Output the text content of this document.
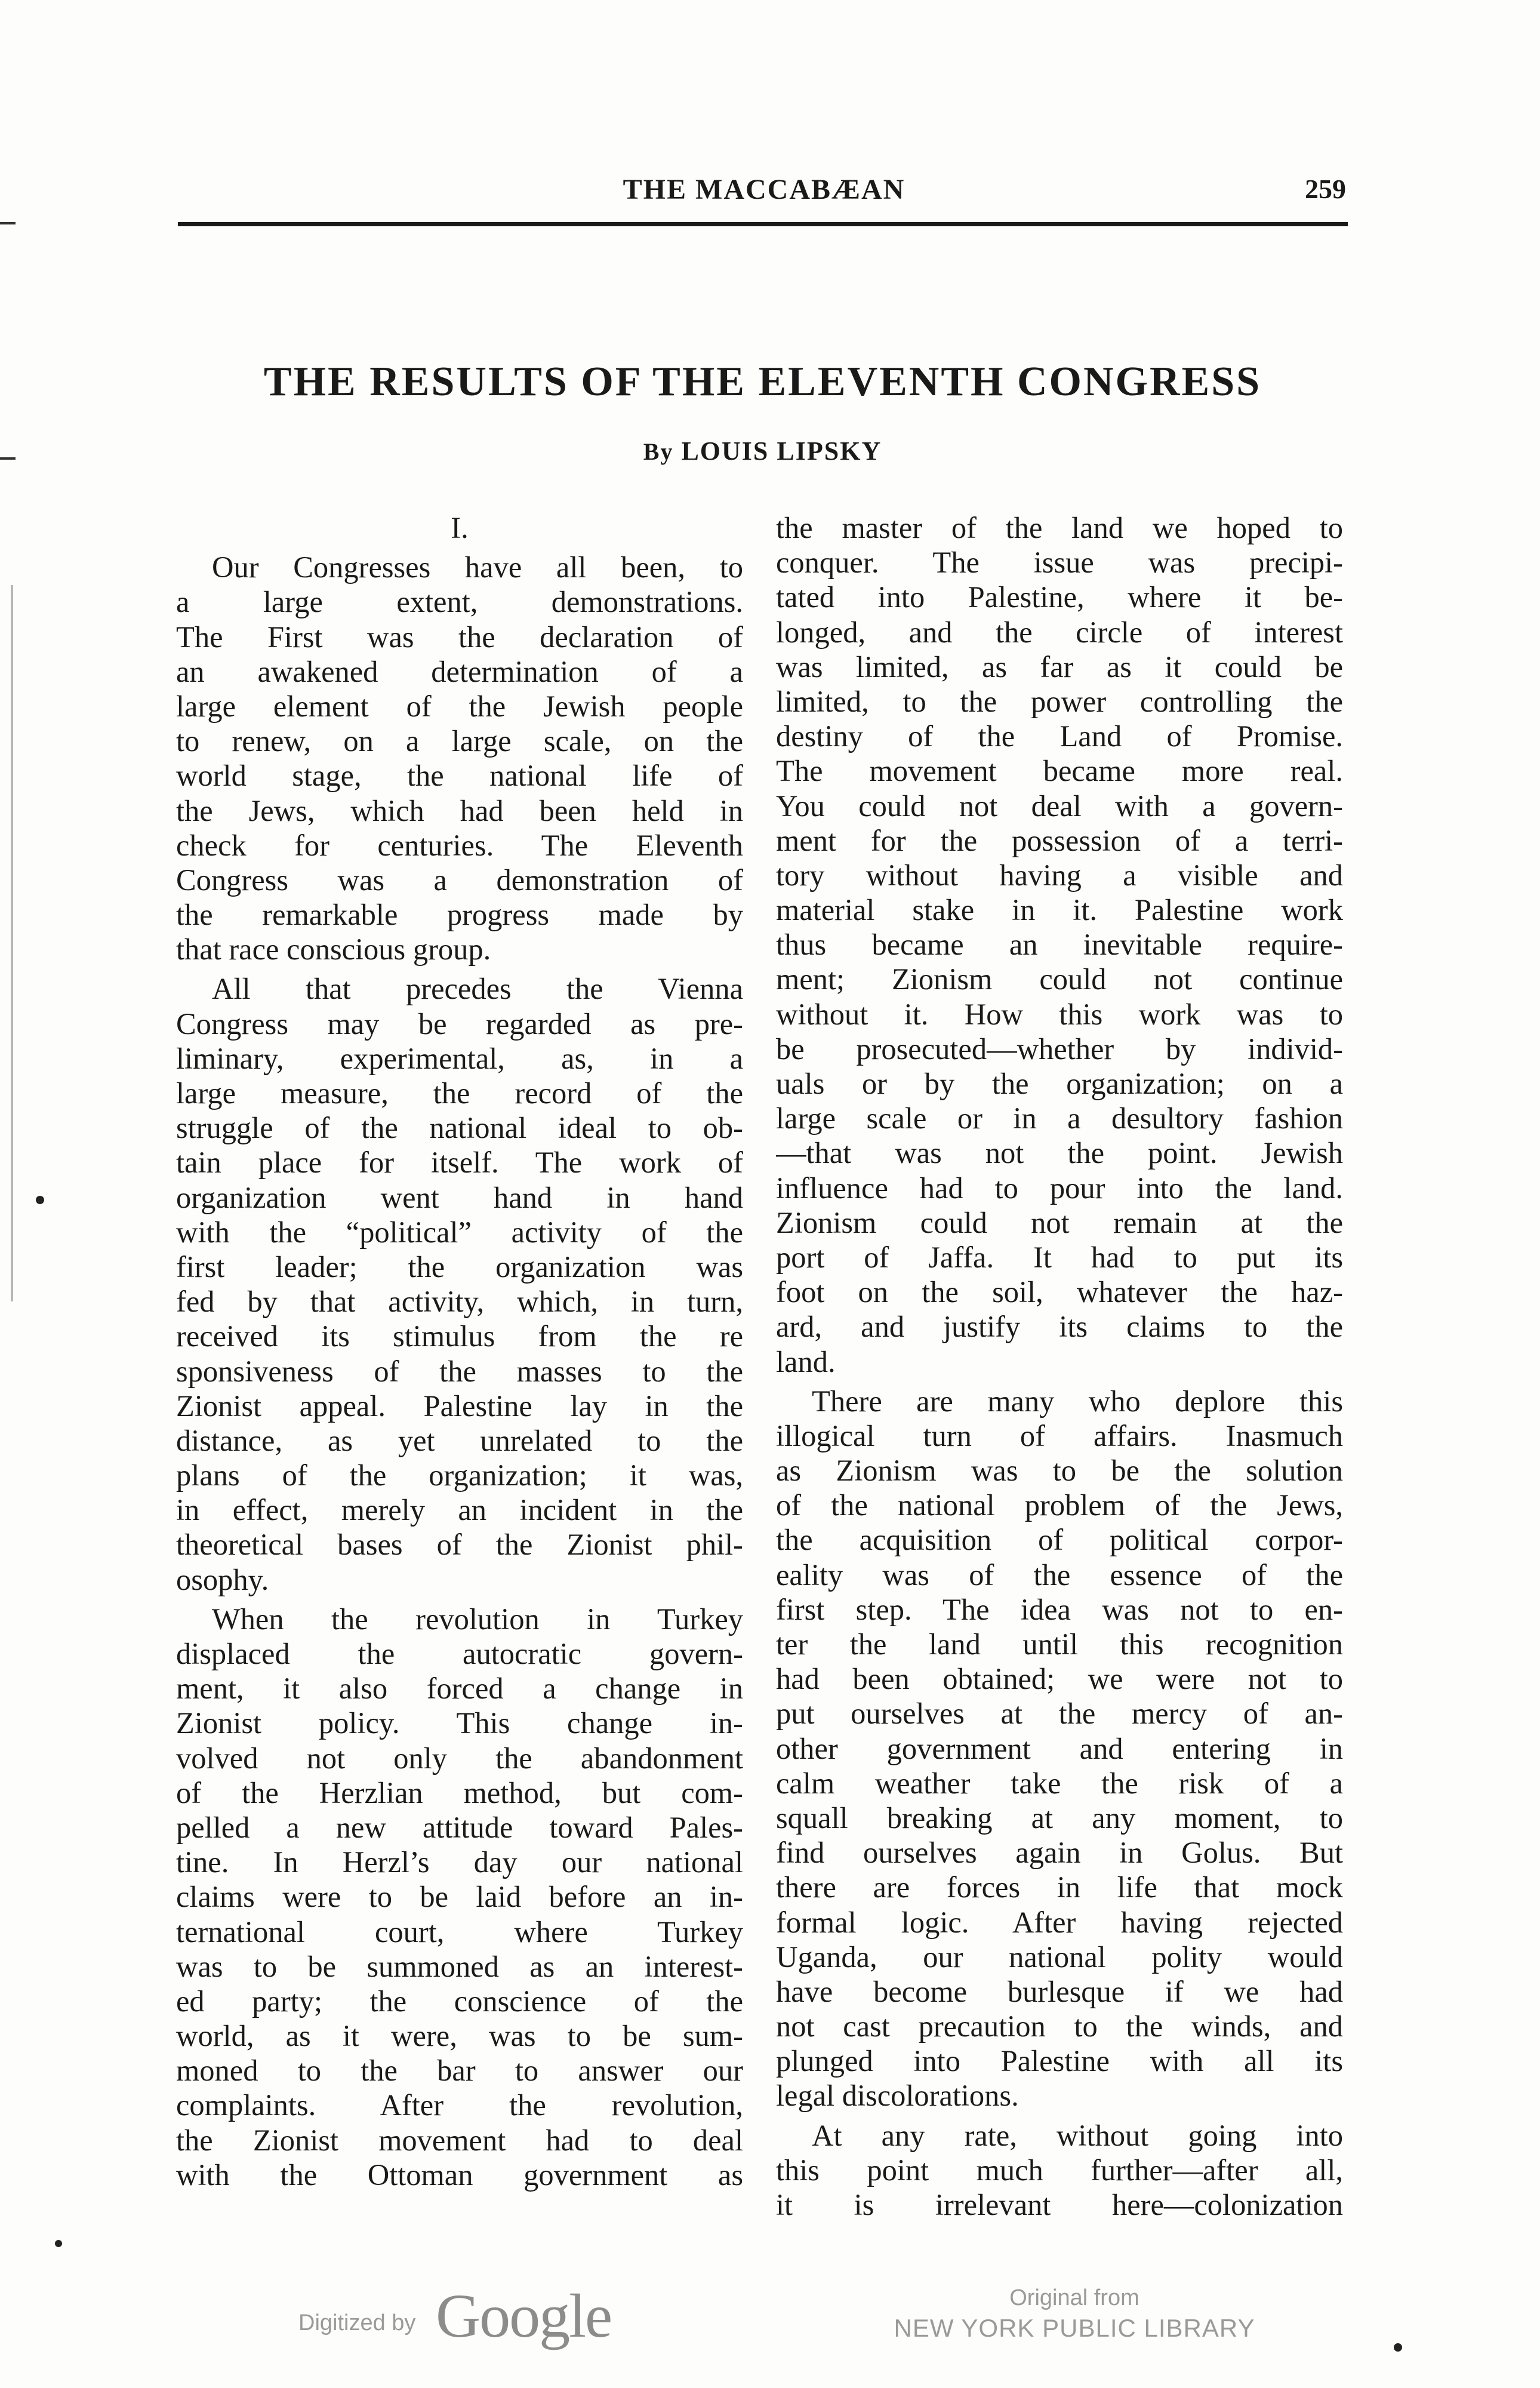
THE MACCABÆAN	259
THE RESULTS OF THE ELEVENTH CONGRESS
By LOUIS LIPSKY
I.
Our Congresses have all been, to
a large extent, demonstrations.
The First was the declaration of
an awakened determination of a
large element of the Jewish people
to renew, on a large scale, on the
world stage, the national life of
the Jews, which had been held in
check for centuries. The Eleventh
Congress was a demonstration of
the remarkable progress made by
that race conscious group.
All that precedes the Vienna
Congress may be regarded as pre-
liminary, experimental, as, in a
large measure, the record of the
struggle of the national ideal to ob-
tain place for itself. The work of
organization went hand in hand
with the “political” activity of the
first leader; the organization was
fed by that activity, which, in turn,
received its stimulus from the re
sponsiveness of the masses to the
Zionist appeal. Palestine lay in the
distance, as yet unrelated to the
plans of the organization; it was,
in effect, merely an incident in the
theoretical bases of the Zionist phil-
osophy.
When the revolution in Turkey
displaced the autocratic govern-
ment, it also forced a change in
Zionist policy. This change in-
volved not only the abandonment
of the Herzlian method, but com-
pelled a new attitude toward Pales-
tine. In Herzl’s day our national
claims were to be laid before an in-
ternational court, where Turkey
was to be summoned as an interest-
ed party; the conscience of the
world, as it were, was to be sum-
moned to the bar to answer our
complaints. After the revolution,
the Zionist movement had to deal
with the Ottoman government as
the master of the land we hoped to
conquer. The issue was precipi-
tated into Palestine, where it be-
longed, and the circle of interest
was limited, as far as it could be
limited, to the power controlling the
destiny of the Land of Promise.
The movement became more real.
You could not deal with a govern-
ment for the possession of a terri-
tory without having a visible and
material stake in it. Palestine work
thus became an inevitable require-
ment; Zionism could not continue
without it. How this work was to
be prosecuted—whether by individ-
uals or by the organization; on a
large scale or in a desultory fashion
—that was not the point. Jewish
influence had to pour into the land.
Zionism could not remain at the
port of Jaffa. It had to put its
foot on the soil, whatever the haz-
ard, and justify its claims to the
land.
There are many who deplore this
illogical turn of affairs. Inasmuch
as Zionism was to be the solution
of the national problem of the Jews,
the acquisition of political corpor-
eality was of the essence of the
first step. The idea was not to en-
ter the land until this recognition
had been obtained; we were not to
put ourselves at the mercy of an-
other government and entering in
calm weather take the risk of a
squall breaking at any moment, to
find ourselves again in Golus. But
there are forces in life that mock
formal logic. After having rejected
Uganda, our national polity would
have become burlesque if we had
not cast precaution to the winds, and
plunged into Palestine with all its
legal discolorations.
At any rate, without going into
this point much further—after all,
it is irrelevant here—colonization
Digitized by Google	Original from
NEW YORK PUBLIC LIBRARY
